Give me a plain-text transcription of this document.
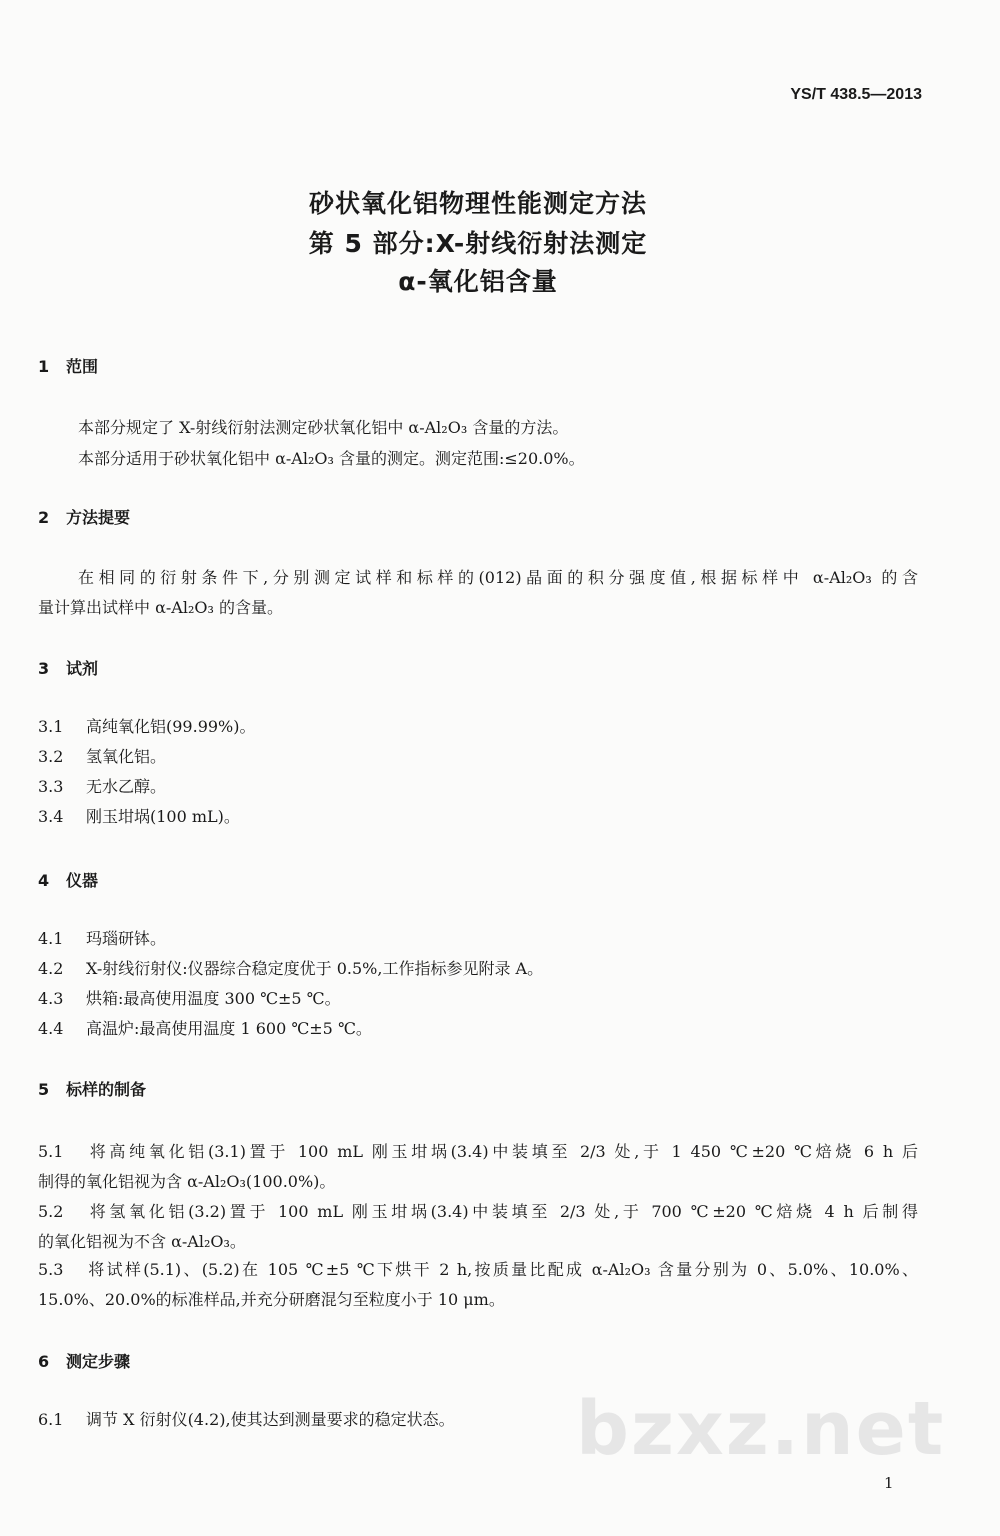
YS/T 438.5—2013
砂状氧化铝物理性能测定方法
第 5 部分:X-射线衍射法测定
α-氧化铝含量
1 范围
本部分规定了 X-射线衍射法测定砂状氧化铝中 α-Al₂O₃ 含量的方法。
本部分适用于砂状氧化铝中 α-Al₂O₃ 含量的测定。测定范围:≤20.0%。
2 方法提要
在相同的衍射条件下,分别测定试样和标样的(012)晶面的积分强度值,根据标样中 α-Al₂O₃ 的含
量计算出试样中 α-Al₂O₃ 的含量。
3 试剂
3.1 高纯氧化铝(99.99%)。
3.2 氢氧化铝。
3.3 无水乙醇。
3.4 刚玉坩埚(100 mL)。
4 仪器
4.1 玛瑙研钵。
4.2 X-射线衍射仪:仪器综合稳定度优于 0.5%,工作指标参见附录 A。
4.3 烘箱:最高使用温度 300 ℃±5 ℃。
4.4 高温炉:最高使用温度 1 600 ℃±5 ℃。
5 标样的制备
5.1 将高纯氧化铝(3.1)置于 100 mL 刚玉坩埚(3.4)中装填至 2/3 处,于 1 450 ℃±20 ℃焙烧 6 h 后
制得的氧化铝视为含 α-Al₂O₃(100.0%)。
5.2 将氢氧化铝(3.2)置于 100 mL 刚玉坩埚(3.4)中装填至 2/3 处,于 700 ℃±20 ℃焙烧 4 h 后制得
的氧化铝视为不含 α-Al₂O₃。
5.3 将试样(5.1)、(5.2)在 105 ℃±5 ℃下烘干 2 h,按质量比配成 α-Al₂O₃ 含量分别为 0、5.0%、10.0%、
15.0%、20.0%的标准样品,并充分研磨混匀至粒度小于 10 μm。
6 测定步骤
6.1 调节 X 衍射仪(4.2),使其达到测量要求的稳定状态。 bzxz.net
1
